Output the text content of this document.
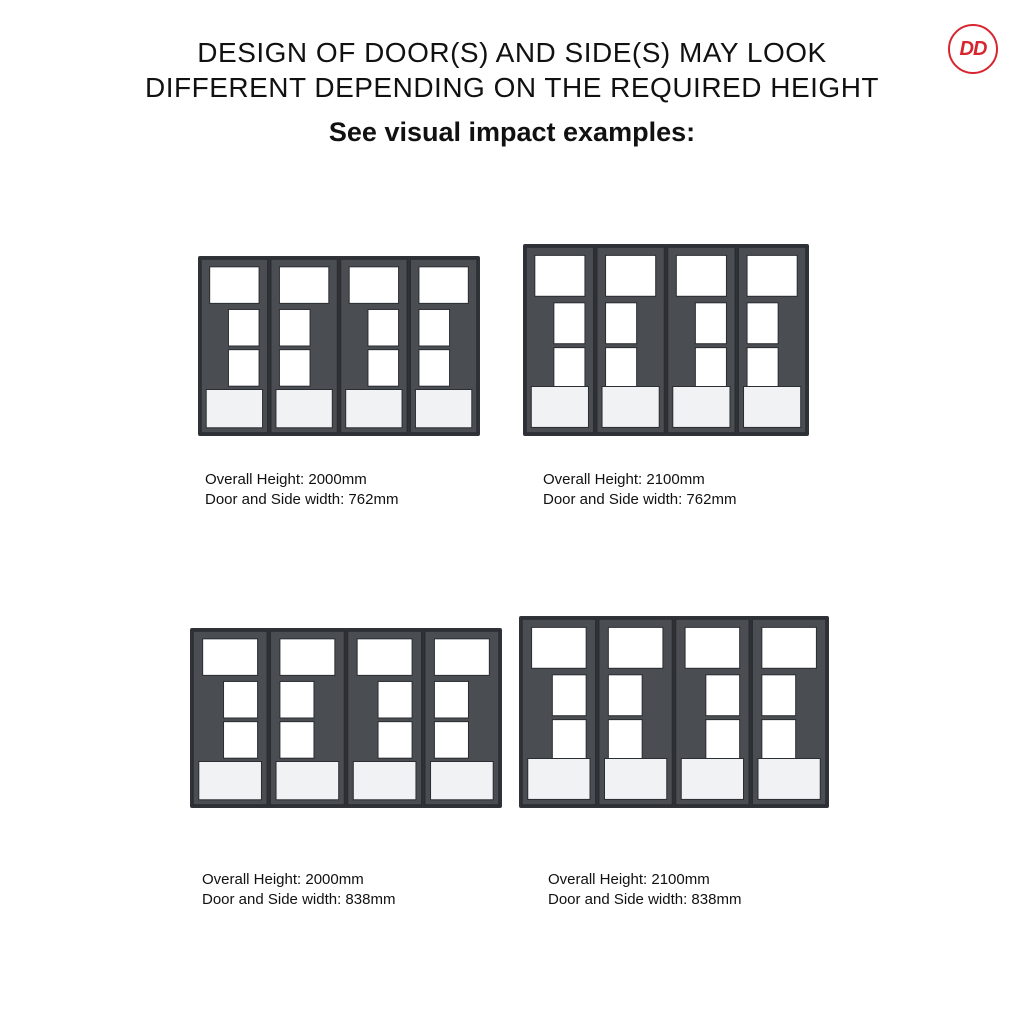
DESIGN OF DOOR(S) AND SIDE(S) MAY LOOK
DIFFERENT DEPENDING ON THE REQUIRED HEIGHT
See visual impact examples:
DD
Overall Height: 2000mm
Door and Side width: 762mm
Overall Height: 2100mm
Door and Side width: 762mm
Overall Height: 2000mm
Door and Side width: 838mm
Overall Height: 2100mm
Door and Side width: 838mm
